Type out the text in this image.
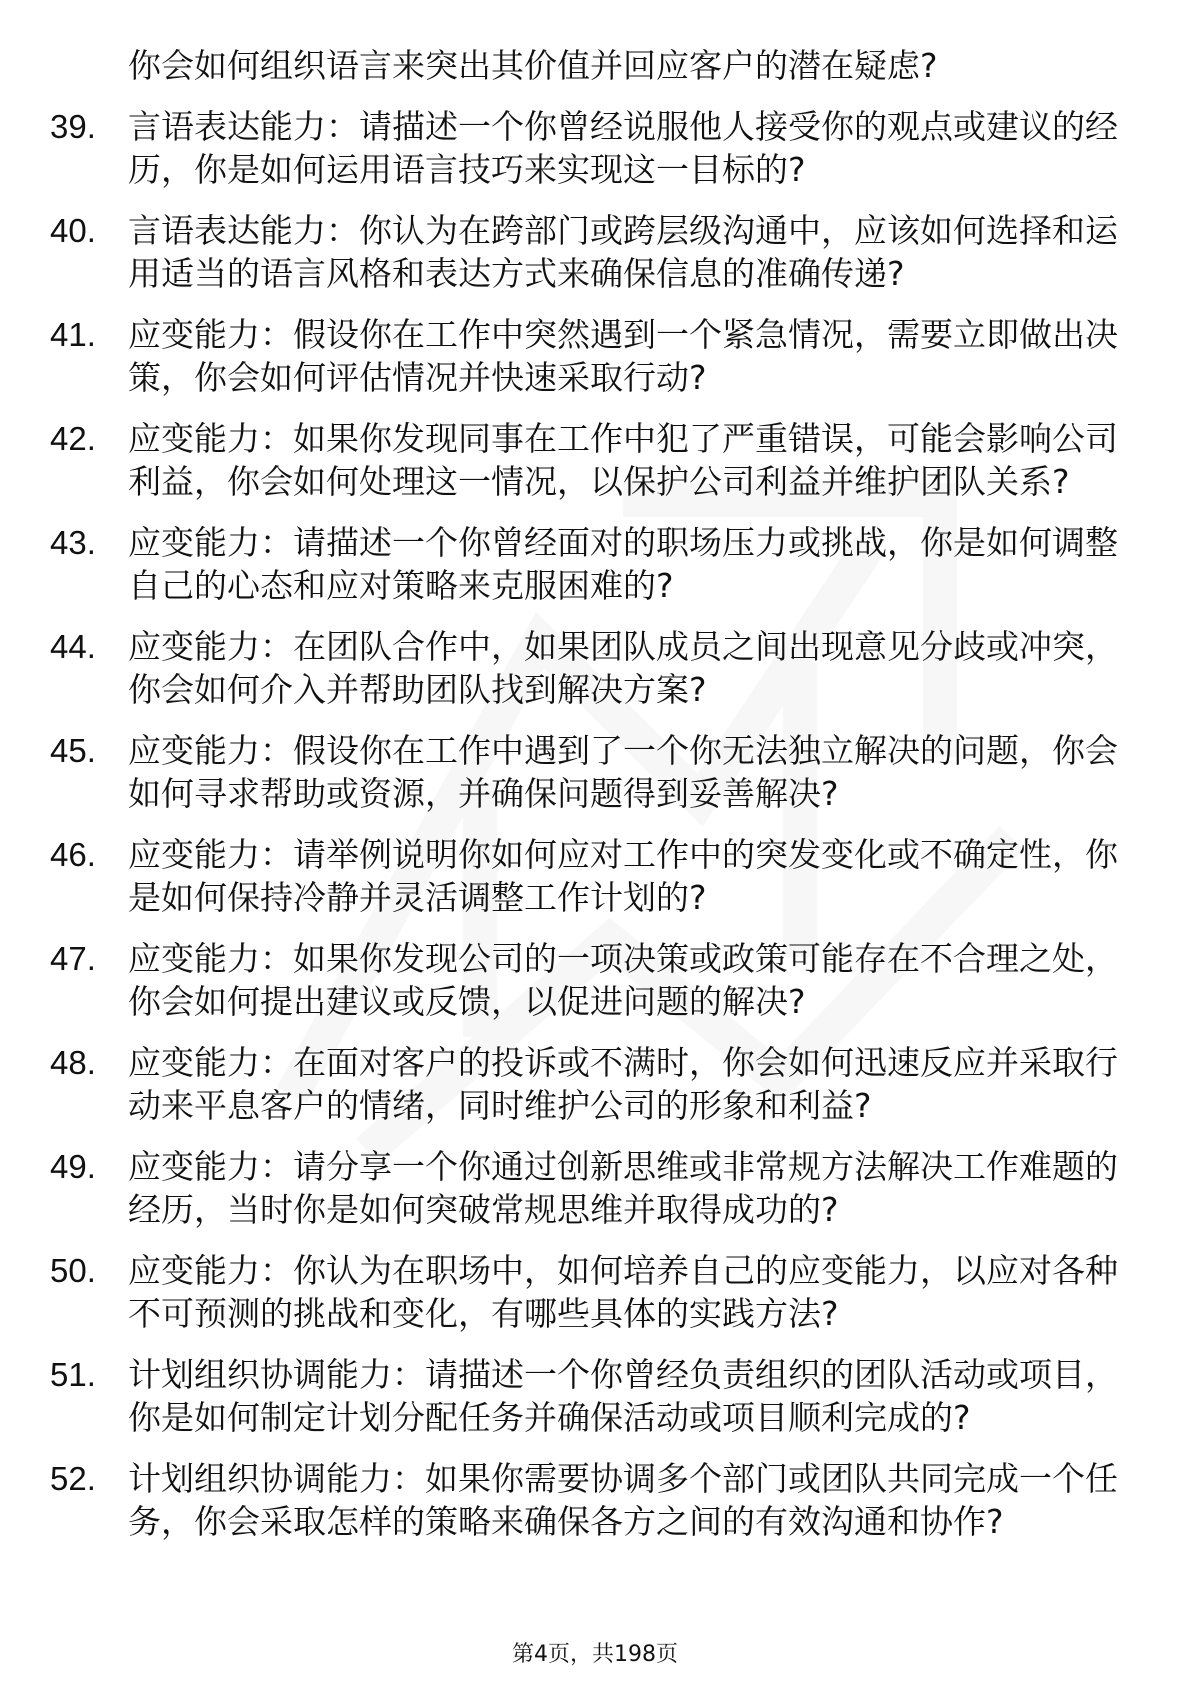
你会如何组织语言来突出其价值并回应客户的潜在疑虑?
39. 言语表达能力：请描述一个你曾经说服他人接受你的观点或建议的经历，你是如何运用语言技巧来实现这一目标的?
40. 言语表达能力：你认为在跨部门或跨层级沟通中，应该如何选择和运用适当的语言风格和表达方式来确保信息的准确传递?
41. 应变能力：假设你在工作中突然遇到一个紧急情况，需要立即做出决策，你会如何评估情况并快速采取行动?
42. 应变能力：如果你发现同事在工作中犯了严重错误，可能会影响公司利益，你会如何处理这一情况，以保护公司利益并维护团队关系?
43. 应变能力：请描述一个你曾经面对的职场压力或挑战，你是如何调整自己的心态和应对策略来克服困难的?
44. 应变能力：在团队合作中，如果团队成员之间出现意见分歧或冲突，你会如何介入并帮助团队找到解决方案?
45. 应变能力：假设你在工作中遇到了一个你无法独立解决的问题，你会如何寻求帮助或资源，并确保问题得到妥善解决?
46. 应变能力：请举例说明你如何应对工作中的突发变化或不确定性，你是如何保持冷静并灵活调整工作计划的?
47. 应变能力：如果你发现公司的一项决策或政策可能存在不合理之处，你会如何提出建议或反馈，以促进问题的解决?
48. 应变能力：在面对客户的投诉或不满时，你会如何迅速反应并采取行动来平息客户的情绪，同时维护公司的形象和利益?
49. 应变能力：请分享一个你通过创新思维或非常规方法解决工作难题的经历，当时你是如何突破常规思维并取得成功的?
50. 应变能力：你认为在职场中，如何培养自己的应变能力，以应对各种不可预测的挑战和变化，有哪些具体的实践方法?
51. 计划组织协调能力：请描述一个你曾经负责组织的团队活动或项目，你是如何制定计划分配任务并确保活动或项目顺利完成的?
52. 计划组织协调能力：如果你需要协调多个部门或团队共同完成一个任务，你会采取怎样的策略来确保各方之间的有效沟通和协作?
第4页，共198页
